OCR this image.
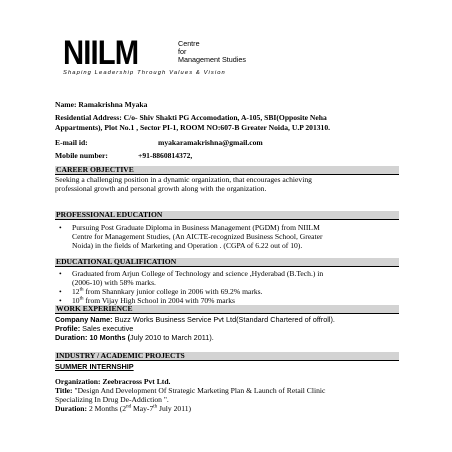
NIILM	Centre
for
Management Studies
Shaping Leadership Through Values & Vision
Name: Ramakrishna Myaka
Residential Address: C/o- Shiv Shakti PG Accomodation, A-105, SBI(Opposite Neha
Appartments), Plot No.1 , Sector PI-1, ROOM NO:607-B Greater Noida, U.P 201310.
E-mail id:	myakaramakrishna@gmail.com
Mobile number:	+91-8860814372,
CAREER OBJECTIVE
Seeking a challenging position in a dynamic organization, that encourages achieving
professional growth and personal growth along with the organization.
PROFESSIONAL EDUCATION
• Pursuing Post Graduate Diploma in Business Management (PGDM) from NIILM
Centre for Management Studies, (An AICTE-recognized Business School, Greater
Noida) in the fields of Marketing and Operation . (CGPA of 6.22 out of 10).
EDUCATIONAL QUALIFICATION
• Graduated from Arjun College of Technology and science ,Hyderabad (B.Tech.) in
(2006-10) with 58% marks.
• 12th from Shannkary junior college in 2006 with 69.2% marks.
• 10th from Vijay High School in 2004 with 70% marks
WORK EXPERIENCE
Company Name: Buzz Works Business Service Pvt Ltd(Standard Chartered of offroll).
Profile: Sales executive
Duration: 10 Months (July 2010 to March 2011).
INDUSTRY / ACADEMIC PROJECTS
SUMMER INTERNSHIP
Organization: Zeebracross Pvt Ltd.
Title: "Design And Development Of Strategic Marketing Plan & Launch of Retail Clinic
Specializing In Drug De-Addiction ".
Duration: 2 Months (2nd May-7th July 2011)
